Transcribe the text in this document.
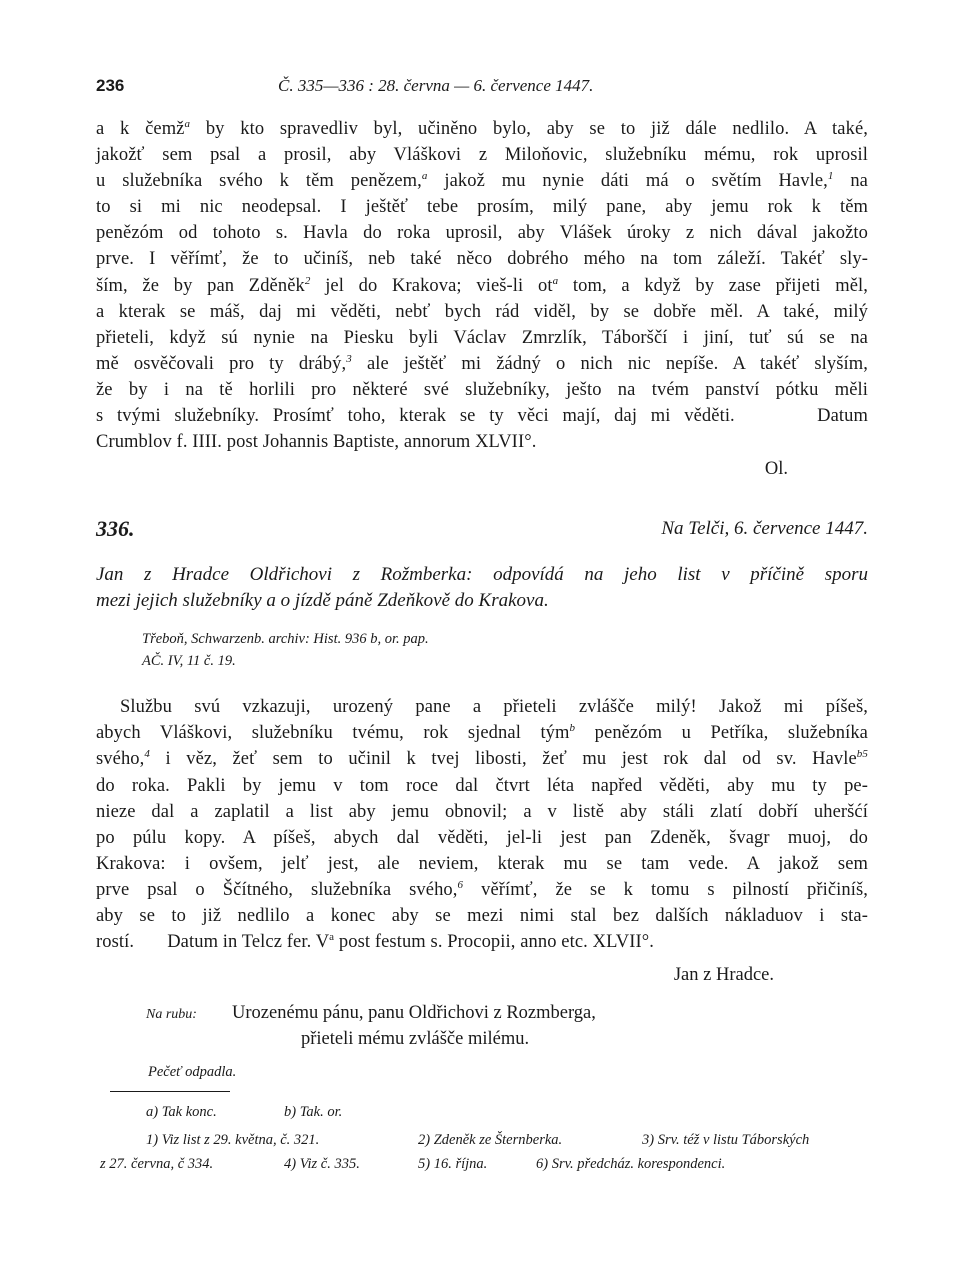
236	Č. 335—336 : 28. června — 6. července 1447.
a k čemž$^a$ by kto spravedliv byl, učiněno bylo, aby se to již dále nedlilo. A také,
jakožť sem psal a prosil, aby Vláškovi z Miloňovic, služebníku mému, rok uprosil
u služebníka svého k těm penězem,$^a$ jakož mu nynie dáti má o světím Havle,$^1$ na
to si mi nic neodepsal. I ještěť tebe prosím, milý pane, aby jemu rok k těm
penězóm od tohoto s. Havla do roka uprosil, aby Vlášek úroky z nich dával jakožto
prve. I věřímť, že to učiníš, neb také něco dobrého mého na tom záleží. Takéť sly-
ším, že by pan Zděněk$^2$ jel do Krakova; vieš-li $ot^a$ tom, a když by zase přijeti měl,
a kterak se máš, daj mi věděti, nebť bych rád viděl, by se dobře měl. A také, milý
přieteli, když sú nynie na Piesku byli Václav Zmrzlík, Táborščí i jiní, tuť sú se na
mě osvěčovali pro ty drábý,$^3$ ale ještěť mi žádný o nich nic nepíše. A takéť slyším,
že by i na tě horlili pro některé své služebníky, ješto na tvém panství pótku měli
s tvými služebníky. Prosímť toho, kterak se ty věci mají, daj mi věděti.	Datum
Crumblov f. IIII. post Johannis Baptiste, annorum XLVII°.
Ol.
336.	Na Telči, 6. července 1447.
Jan z Hradce Oldřichovi z Rožmberka: odpovídá na jeho list v příčině sporu
mezi jejich služebníky a o jízdě páně Zdeňkově do Krakova.
Třeboň, Schwarzenb. archiv: Hist. 936 b, or. pap.
AČ. IV, 11 č. 19.
Službu svú vzkazuji, urozený pane a přieteli zvláščе milý! Jakož mi píšeš,
abych Vláškovi, služebníku tvému, rok sjednal tým$^b$ penězóm u Petříka, služebníka
svého,$^4$ i věz, žeť sem to učinil k tvej libosti, žeť mu jest rok dal od sv. Havle$^{b5}$
do roka. Pakli by jemu v tom roce dal čtvrt léta napřed věděti, aby mu ty pe-
nieze dal a zaplatil a list aby jemu obnovil; a v listě aby stáli zlatí dobří uheršćí
po púlu kopy. A píšeš, abych dal věděti, jel-li jest pan Zdeněk, švagr muoj, do
Krakova: i ovšem, jelť jest, ale neviem, kterak mu se tam vede. A jakož sem
prve psal o Ščítného, služebníka svého,$^6$ věřímť, že se k tomu s pilností přičiníš,
aby se to již nedlilo a konec aby se mezi nimi stal bez dalších nákladuov i sta-
rostí. Datum in Telcz fer. $V^a$ post festum s. Procopii, anno etc. XLVII°.
Jan z Hradce.
Na rubu: Urozenému pánu, panu Oldřichovi z Rozmberga,
přieteli mému zvláščе milému.
Pečeť odpadla.
a) Tak konc.	b) Tak. or.
1) Viz list z 29. května, č. 321.	2) Zdeněk ze Šternberka.	3) Srv. též v listu Táborských
z 27. června, č 334.	4) Viz č. 335.	5) 16. října.	6) Srv. předcház. korespondenci.
